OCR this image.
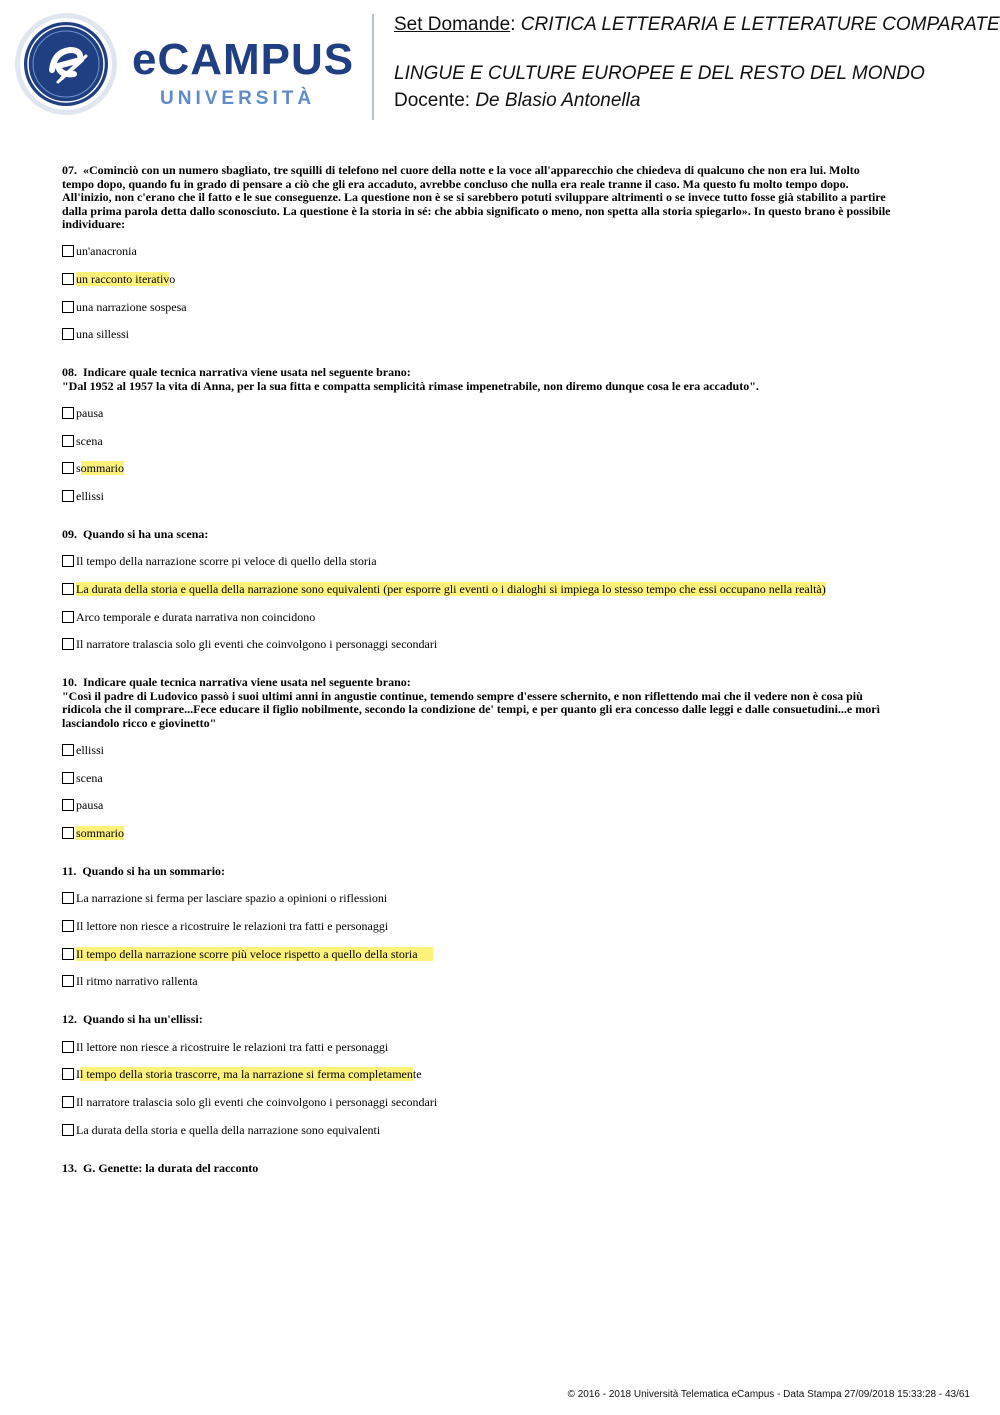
eCAMPUS
UNIVERSITÀ
Set Domande: CRITICA LETTERARIA E LETTERATURE COMPARATE
LINGUE E CULTURE EUROPEE E DEL RESTO DEL MONDO
Docente: De Blasio Antonella
07. «Cominciò con un numero sbagliato, tre squilli di telefono nel cuore della notte e la voce all'apparecchio che chiedeva di qualcuno che non era lui. Molto
tempo dopo, quando fu in grado di pensare a ciò che gli era accaduto, avrebbe concluso che nulla era reale tranne il caso. Ma questo fu molto tempo dopo.
All'inizio, non c'erano che il fatto e le sue conseguenze. La questione non è se si sarebbero potuti sviluppare altrimenti o se invece tutto fosse già stabilito a partire
dalla prima parola detta dallo sconosciuto. La questione è la storia in sé: che abbia significato o meno, non spetta alla storia spiegarlo». In questo brano è possibile
individuare:
un'anacronia
un racconto iterativo
una narrazione sospesa
una sillessi
08. Indicare quale tecnica narrativa viene usata nel seguente brano:
"Dal 1952 al 1957 la vita di Anna, per la sua fitta e compatta semplicità rimase impenetrabile, non diremo dunque cosa le era accaduto".
pausa
scena
sommario
ellissi
09. Quando si ha una scena:
Il tempo della narrazione scorre pi veloce di quello della storia
La durata della storia e quella della narrazione sono equivalenti (per esporre gli eventi o i dialoghi si impiega lo stesso tempo che essi occupano nella realtà)
Arco temporale e durata narrativa non coincidono
Il narratore tralascia solo gli eventi che coinvolgono i personaggi secondari
10. Indicare quale tecnica narrativa viene usata nel seguente brano:
"Così il padre di Ludovico passò i suoi ultimi anni in angustie continue, temendo sempre d'essere schernito, e non riflettendo mai che il vedere non è cosa più
ridicola che il comprare...Fece educare il figlio nobilmente, secondo la condizione de' tempi, e per quanto gli era concesso dalle leggi e dalle consuetudini...e morì
lasciandolo ricco e giovinetto"
ellissi
scena
pausa
sommario
11. Quando si ha un sommario:
La narrazione si ferma per lasciare spazio a opinioni o riflessioni
Il lettore non riesce a ricostruire le relazioni tra fatti e personaggi
Il tempo della narrazione scorre più veloce rispetto a quello della storia
Il ritmo narrativo rallenta
12. Quando si ha un'ellissi:
Il lettore non riesce a ricostruire le relazioni tra fatti e personaggi
Il tempo della storia trascorre, ma la narrazione si ferma completamente
Il narratore tralascia solo gli eventi che coinvolgono i personaggi secondari
La durata della storia e quella della narrazione sono equivalenti
13. G. Genette: la durata del racconto
© 2016 - 2018 Università Telematica eCampus - Data Stampa 27/09/2018 15:33:28 - 43/61
